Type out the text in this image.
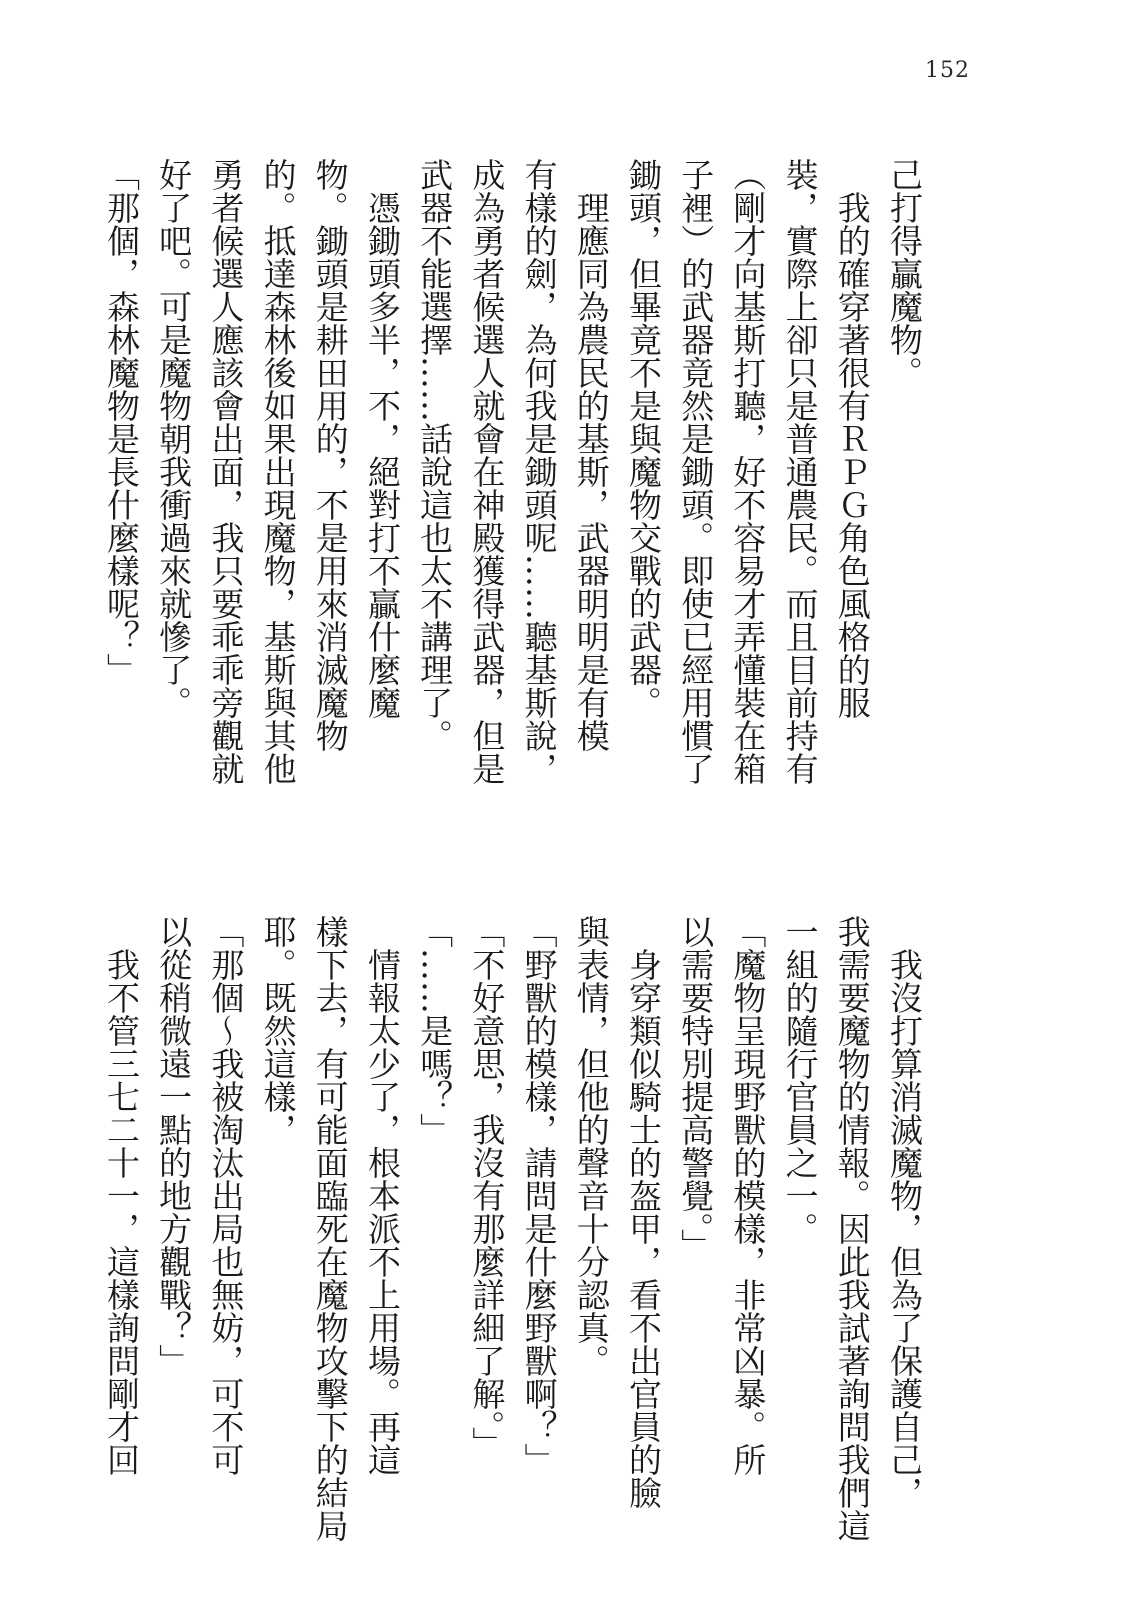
152
己打得贏魔物。
我的確穿著很有ＲＰＧ角色風格的服
裝，實際上卻只是普通農民。而且目前持有
（剛才向基斯打聽，好不容易才弄懂裝在箱
子裡）的武器竟然是鋤頭。即使已經用慣了
鋤頭，但畢竟不是與魔物交戰的武器。
理應同為農民的基斯，武器明明是有模
有樣的劍，為何我是鋤頭呢……聽基斯說，
成為勇者候選人就會在神殿獲得武器，但是
武器不能選擇……話說這也太不講理了。
憑鋤頭多半，不，絕對打不贏什麼魔
物。鋤頭是耕田用的，不是用來消滅魔物
的。抵達森林後如果出現魔物，基斯與其他
勇者候選人應該會出面，我只要乖乖旁觀就
好了吧。可是魔物朝我衝過來就慘了。
「那個，森林魔物是長什麼樣呢？」
我沒打算消滅魔物，但為了保護自己，
我需要魔物的情報。因此我試著詢問我們這
一組的隨行官員之一。
「魔物呈現野獸的模樣，非常凶暴。所
以需要特別提高警覺。」
身穿類似騎士的盔甲，看不出官員的臉
與表情，但他的聲音十分認真。
「野獸的模樣，請問是什麼野獸啊？」
「不好意思，我沒有那麼詳細了解。」
「……是嗎？」
情報太少了，根本派不上用場。再這
樣下去，有可能面臨死在魔物攻擊下的結局
耶。既然這樣，
「那個～我被淘汰出局也無妨，可不可
以從稍微遠一點的地方觀戰？」
我不管三七二十一，這樣詢問剛才回
